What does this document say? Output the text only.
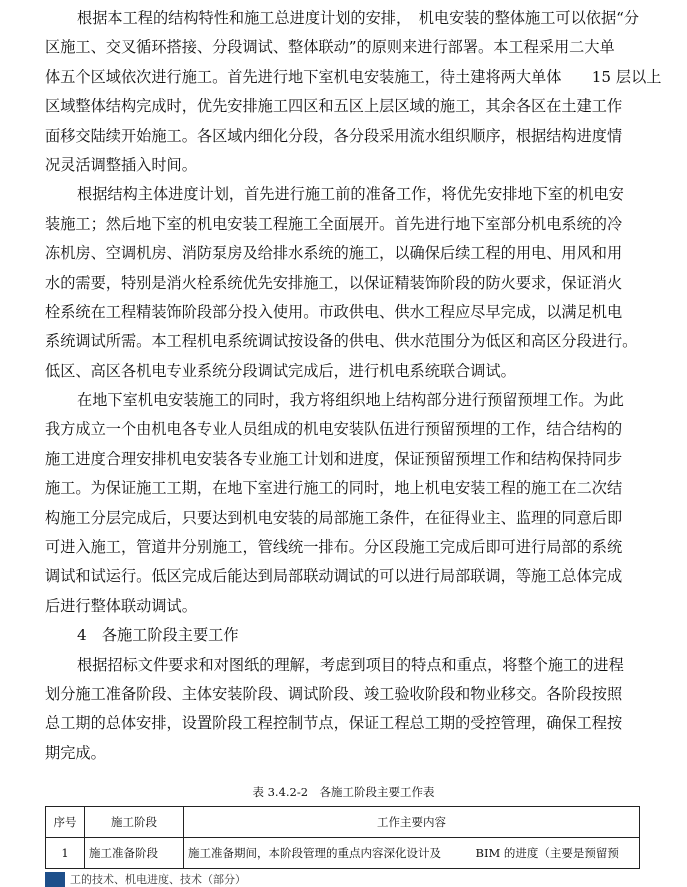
根据本工程的结构特性和施工总进度计划的安排，　机电安装的整体施工可以依据“分
区施工、交叉循环搭接、分段调试、整体联动”的原则来进行部署。本工程采用二大单
体五个区域依次进行施工。首先进行地下室机电安装施工，待土建将两大单体　　15 层以上
区域整体结构完成时，优先安排施工四区和五区上层区域的施工，其余各区在土建工作
面移交陆续开始施工。各区域内细化分段，各分段采用流水组织顺序，根据结构进度情
况灵活调整插入时间。
根据结构主体进度计划，首先进行施工前的准备工作，将优先安排地下室的机电安
装施工；然后地下室的机电安装工程施工全面展开。首先进行地下室部分机电系统的冷
冻机房、空调机房、消防泵房及给排水系统的施工，以确保后续工程的用电、用风和用
水的需要，特别是消火栓系统优先安排施工，以保证精装饰阶段的防火要求，保证消火
栓系统在工程精装饰阶段部分投入使用。市政供电、供水工程应尽早完成，以满足机电
系统调试所需。本工程机电系统调试按设备的供电、供水范围分为低区和高区分段进行。
低区、高区各机电专业系统分段调试完成后，进行机电系统联合调试。
在地下室机电安装施工的同时，我方将组织地上结构部分进行预留预埋工作。为此
我方成立一个由机电各专业人员组成的机电安装队伍进行预留预埋的工作，结合结构的
施工进度合理安排机电安装各专业施工计划和进度，保证预留预埋工作和结构保持同步
施工。为保证施工工期，在地下室进行施工的同时，地上机电安装工程的施工在二次结
构施工分层完成后，只要达到机电安装的局部施工条件，在征得业主、监理的同意后即
可进入施工，管道井分别施工，管线统一排布。分区段施工完成后即可进行局部的系统
调试和试运行。低区完成后能达到局部联动调试的可以进行局部联调，等施工总体完成
后进行整体联动调试。
4　各施工阶段主要工作
根据招标文件要求和对图纸的理解，考虑到项目的特点和重点，将整个施工的进程
划分施工准备阶段、主体安装阶段、调试阶段、竣工验收阶段和物业移交。各阶段按照
总工期的总体安排，设置阶段工程控制节点，保证工程总工期的受控管理，确保工程按
期完成。
表 3.4.2-2　各施工阶段主要工作表
序号	施工阶段	工作主要内容
1	施工准备阶段	施工准备期间，本阶段管理的重点内容深化设计及　　　BIM 的进度（主要是预留预
工的技术、机电进度、技术（部分）
